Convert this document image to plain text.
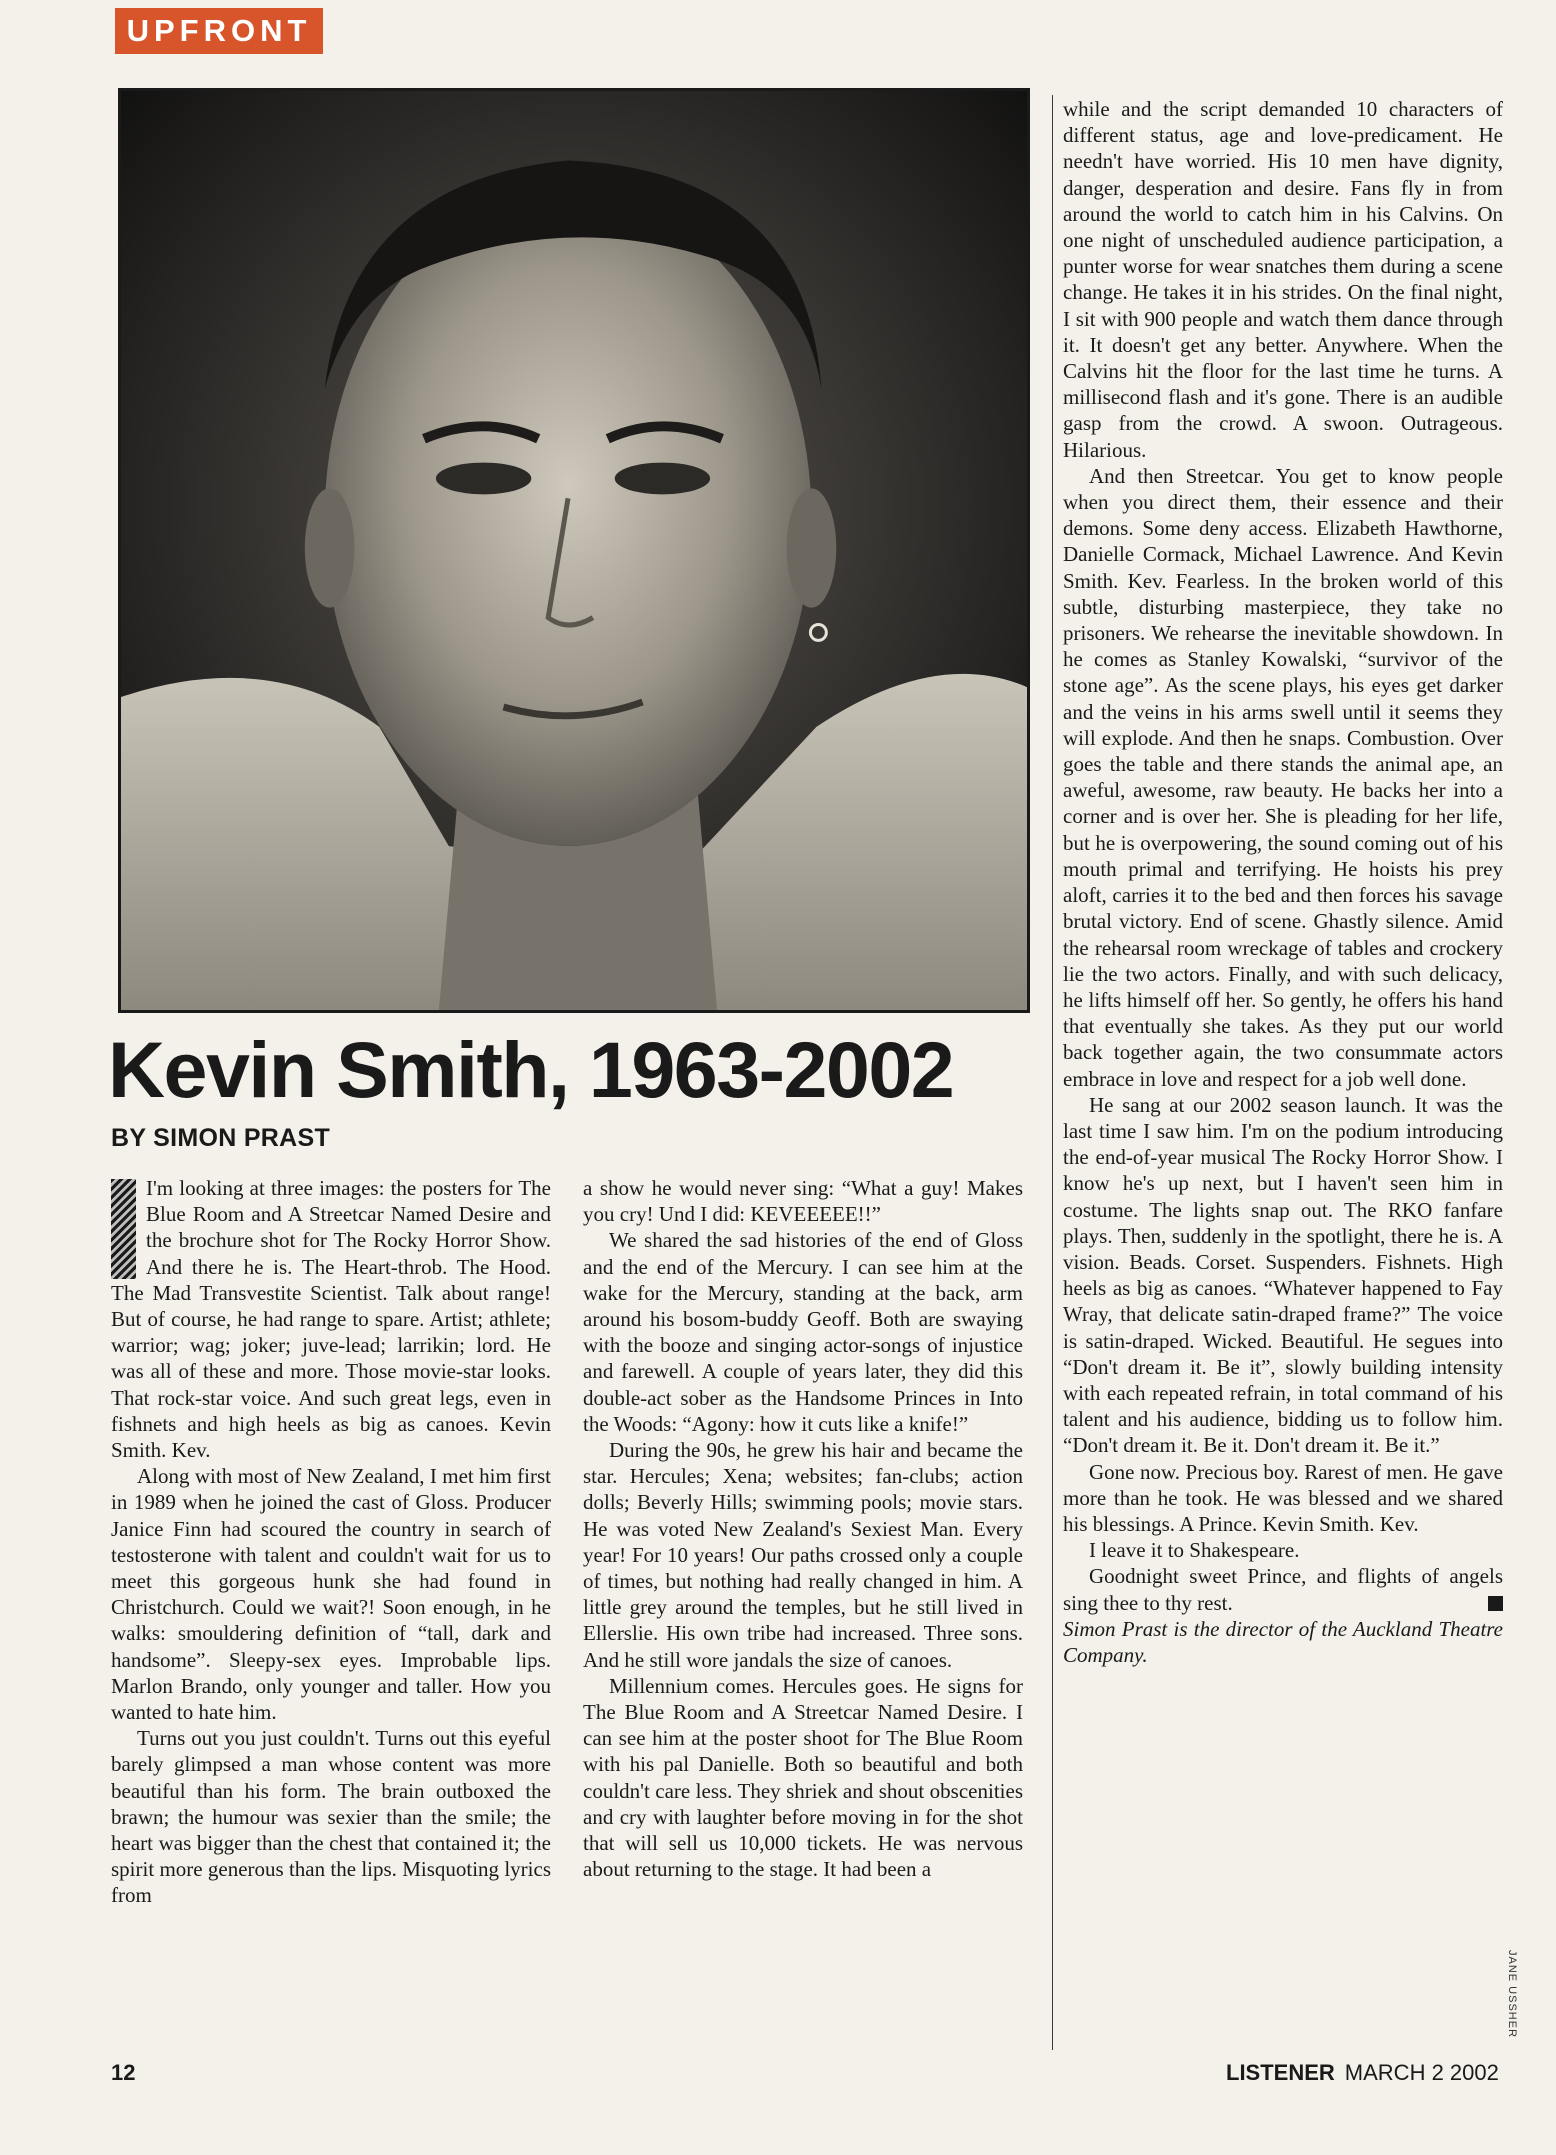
UPFRONT
Kevin Smith, 1963-2002
BY SIMON PRAST

I'm looking at three images: the posters for The Blue Room and A Streetcar Named Desire and the brochure shot for The Rocky Horror Show. And there he is. The Heart-throb. The Hood. The Mad Transvestite Scientist. Talk about range! But of course, he had range to spare. Artist; athlete; warrior; wag; joker; juve-lead; larrikin; lord. He was all of these and more. Those movie-star looks. That rock-star voice. And such great legs, even in fishnets and high heels as big as canoes. Kevin Smith. Kev.

Along with most of New Zealand, I met him first in 1989 when he joined the cast of Gloss. Producer Janice Finn had scoured the country in search of testosterone with talent and couldn't wait for us to meet this gorgeous hunk she had found in Christchurch. Could we wait?! Soon enough, in he walks: smouldering definition of “tall, dark and handsome”. Sleepy-sex eyes. Improbable lips. Marlon Brando, only younger and taller. How you wanted to hate him.

Turns out you just couldn't. Turns out this eyeful barely glimpsed a man whose content was more beautiful than his form. The brain outboxed the brawn; the humour was sexier than the smile; the heart was bigger than the chest that contained it; the spirit more generous than the lips. Misquoting lyrics from

a show he would never sing: “What a guy! Makes you cry! Und I did: KEVEEEEE!!”

We shared the sad histories of the end of Gloss and the end of the Mercury. I can see him at the wake for the Mercury, standing at the back, arm around his bosom-buddy Geoff. Both are swaying with the booze and singing actor-songs of injustice and farewell. A couple of years later, they did this double-act sober as the Handsome Princes in Into the Woods: “Agony: how it cuts like a knife!”

During the 90s, he grew his hair and became the star. Hercules; Xena; websites; fan-clubs; action dolls; Beverly Hills; swimming pools; movie stars. He was voted New Zealand's Sexiest Man. Every year! For 10 years! Our paths crossed only a couple of times, but nothing had really changed in him. A little grey around the temples, but he still lived in Ellerslie. His own tribe had increased. Three sons. And he still wore jandals the size of canoes.

Millennium comes. Hercules goes. He signs for The Blue Room and A Streetcar Named Desire. I can see him at the poster shoot for The Blue Room with his pal Danielle. Both so beautiful and both couldn't care less. They shriek and shout obscenities and cry with laughter before moving in for the shot that will sell us 10,000 tickets. He was nervous about returning to the stage. It had been a

while and the script demanded 10 characters of different status, age and love-predicament. He needn't have worried. His 10 men have dignity, danger, desperation and desire. Fans fly in from around the world to catch him in his Calvins. On one night of unscheduled audience participation, a punter worse for wear snatches them during a scene change. He takes it in his strides. On the final night, I sit with 900 people and watch them dance through it. It doesn't get any better. Anywhere. When the Calvins hit the floor for the last time he turns. A millisecond flash and it's gone. There is an audible gasp from the crowd. A swoon. Outrageous. Hilarious.

And then Streetcar. You get to know people when you direct them, their essence and their demons. Some deny access. Elizabeth Hawthorne, Danielle Cormack, Michael Lawrence. And Kevin Smith. Kev. Fearless. In the broken world of this subtle, disturbing masterpiece, they take no prisoners. We rehearse the inevitable showdown. In he comes as Stanley Kowalski, “survivor of the stone age”. As the scene plays, his eyes get darker and the veins in his arms swell until it seems they will explode. And then he snaps. Combustion. Over goes the table and there stands the animal ape, an aweful, awesome, raw beauty. He backs her into a corner and is over her. She is pleading for her life, but he is overpowering, the sound coming out of his mouth primal and terrifying. He hoists his prey aloft, carries it to the bed and then forces his savage brutal victory. End of scene. Ghastly silence. Amid the rehearsal room wreckage of tables and crockery lie the two actors. Finally, and with such delicacy, he lifts himself off her. So gently, he offers his hand that eventually she takes. As they put our world back together again, the two consummate actors embrace in love and respect for a job well done.

He sang at our 2002 season launch. It was the last time I saw him. I'm on the podium introducing the end-of-year musical The Rocky Horror Show. I know he's up next, but I haven't seen him in costume. The lights snap out. The RKO fanfare plays. Then, suddenly in the spotlight, there he is. A vision. Beads. Corset. Suspenders. Fishnets. High heels as big as canoes. “Whatever happened to Fay Wray, that delicate satin-draped frame?” The voice is satin-draped. Wicked. Beautiful. He segues into “Don't dream it. Be it”, slowly building intensity with each repeated refrain, in total command of his talent and his audience, bidding us to follow him. “Don't dream it. Be it. Don't dream it. Be it.”

Gone now. Precious boy. Rarest of men. He gave more than he took. He was blessed and we shared his blessings. A Prince. Kevin Smith. Kev.

I leave it to Shakespeare.

Goodnight sweet Prince, and flights of angels sing thee to thy rest.

Simon Prast is the director of the Auckland Theatre Company.

JANE USSHER
12	LISTENER MARCH 2 2002
